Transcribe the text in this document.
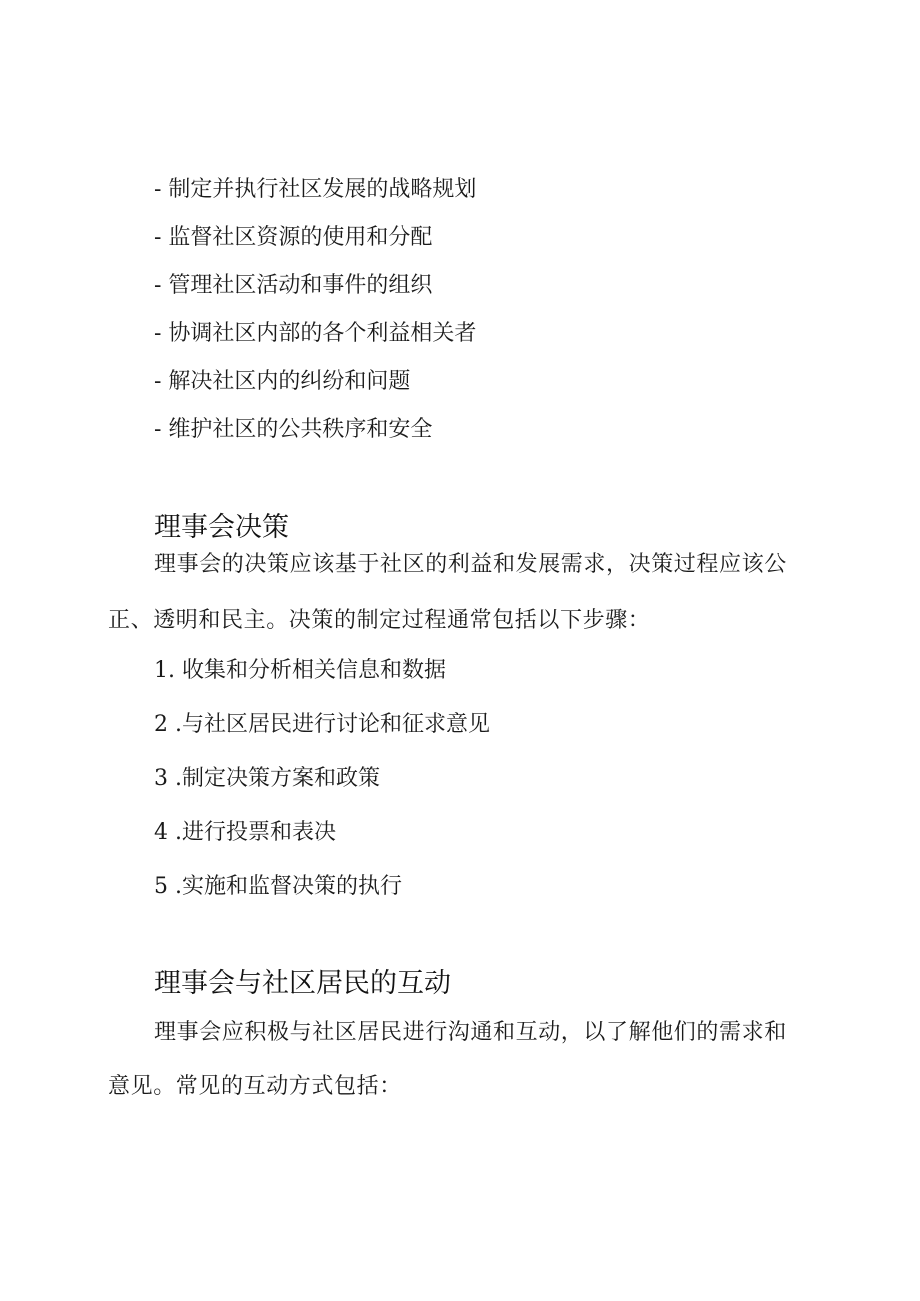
- 制定并执行社区发展的战略规划
- 监督社区资源的使用和分配
- 管理社区活动和事件的组织
- 协调社区内部的各个利益相关者
- 解决社区内的纠纷和问题
- 维护社区的公共秩序和安全
理事会决策
理事会的决策应该基于社区的利益和发展需求，决策过程应该公
正、透明和民主。决策的制定过程通常包括以下步骤：
1. 收集和分析相关信息和数据
2 .与社区居民进行讨论和征求意见
3 .制定决策方案和政策
4 .进行投票和表决
5 .实施和监督决策的执行
理事会与社区居民的互动
理事会应积极与社区居民进行沟通和互动，以了解他们的需求和
意见。常见的互动方式包括：
